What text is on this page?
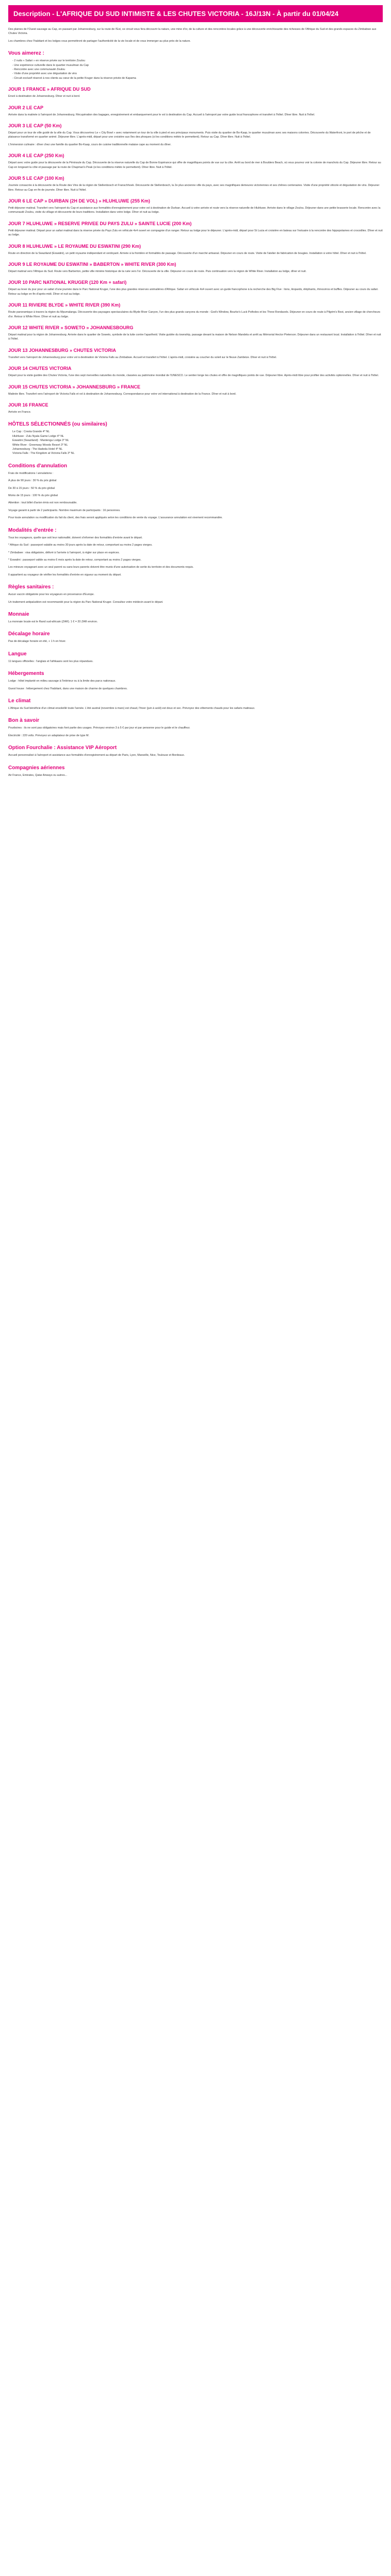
Description - L'AFRIQUE DU SUD INTIMISTE & LES CHUTES VICTORIA - 16J/13N - À partir du 01/04/24

Des plaines de l'Ouest sauvage au Cap, en passant par Johannesburg, sur la route de l'Est, ce circuit vous fera découvrir la nature, une mine d'or, de la culture et des rencontres locales grâce à une découverte enrichissante des richesses de l'Afrique du Sud et des grands espaces du Zimbabwe aux Chutes Victoria.

Les chambres chez l'habitant et les lodges vous permettront de partager l'authenticité de la vie locale et de vous immerger au plus près de la nature.

Vous aimerez :
- 2 nuits « Safari » en réserve privée sur le territoire Zoulou
- Une expérience culturelle dans le quartier musulman du Cap
- Rencontre avec une communauté Zoulou
- Visite d'une propriété avec une dégustation de vins
- Circuit exclusif réservé à nos clients au cœur de la petite Kruger dans la réserve privée de Kapama
JOUR 1 FRANCE » AFRIQUE DU SUD

Envol à destination de Johannesburg. Dîner et nuit à bord.

JOUR 2 LE CAP

Arrivée dans la matinée à l'aéroport de Johannesburg. Récupération des bagages, enregistrement et embarquement pour le vol à destination du Cap. Accueil à l'aéroport par votre guide local francophone et transfert à l'hôtel. Dîner libre. Nuit à l'hôtel.

JOUR 3 LE CAP (50 Km)

Départ pour un tour de ville guidé de la ville du Cap. Vous découvrirez Le « City Bowl » avec notamment un tour de la ville à pied et ses principaux monuments. Puis visite du quartier de Bo-Kaap, le quartier musulman avec ses maisons colorées. Découverte du Waterfront, le port de pêche et de plaisance transformé en quartier animé. Déjeuner libre. L'après-midi, départ pour une croisière aux îles des phoques (si les conditions météo le permettent). Retour au Cap. Dîner libre. Nuit à l'hôtel.

L'Immersion culinaire : dîner chez une famille du quartier Bo-Kaap, cours de cuisine traditionnelle malaise cape au moment du dîner.

JOUR 4 LE CAP (250 Km)

Départ avec votre guide pour la découverte de la Péninsule du Cap. Découverte de la réserve naturelle du Cap de Bonne Espérance qui offre de magnifiques points de vue sur la côte. Arrêt au bord de mer à Boulders Beach, où vous pourrez voir la colonie de manchots du Cap. Déjeuner libre. Retour au Cap en longeant la côte et passage par la route de Chapman's Peak (si les conditions météo le permettent). Dîner libre. Nuit à l'hôtel.

JOUR 5 LE CAP (100 Km)

Journée consacrée à la découverte de la Route des Vins de la région de Stellenbosch et Franschhoek. Découverte de Stellenbosch, la 2e plus ancienne ville du pays, avec ses magnifiques demeures victoriennes et ses chênes centenaires. Visite d'une propriété viticole et dégustation de vins. Déjeuner libre. Retour au Cap en fin de journée. Dîner libre. Nuit à l'hôtel.

JOUR 6 LE CAP » DURBAN (2H DE VOL) » HLUHLUWE (255 Km)

Petit déjeuner matinal. Transfert vers l'aéroport du Cap et assistance aux formalités d'enregistrement pour votre vol à destination de Durban. Accueil à votre arrivée et route vers la réserve naturelle de Hluhluwe. Arrivée dans le village Zoulou. Déjeuner dans une petite brasserie locale. Rencontre avec la communauté Zoulou, visite du village et découverte de leurs traditions. Installation dans votre lodge. Dîner et nuit au lodge.

JOUR 7 HLUHLUWE » RESERVE PRIVEE DU PAYS ZULU » SAINTE LUCIE (200 Km)

Petit déjeuner matinal. Départ pour un safari matinal dans la réserve privée du Pays Zulu en véhicule 4x4 ouvert en compagnie d'un ranger. Retour au lodge pour le déjeuner. L'après-midi, départ pour St Lucia et croisière en bateau sur l'estuaire à la rencontre des hippopotames et crocodiles. Dîner et nuit au lodge.

JOUR 8 HLUHLUWE » LE ROYAUME DU ESWATINI (290 Km)

Route en direction de la Swaziland (Eswatini), un petit royaume indépendant et verdoyant. Arrivée à la frontière et formalités de passage. Découverte d'un marché artisanal. Déjeuner en cours de route. Visite de l'atelier de fabrication de bougies. Installation à votre hôtel. Dîner et nuit à l'hôtel.

JOUR 9 LE ROYAUME DU ESWATINI » BABERTON » WHITE RIVER (300 Km)

Départ matinal vers l'Afrique du Sud. Route vers Barberton, petite ville minière historique de la ruée vers l'or. Découverte de la ville. Déjeuner en cours de route. Puis continuation vers la région de White River. Installation au lodge, dîner et nuit.

JOUR 10 PARC NATIONAL KRUGER (120 Km + safari)

Départ au lever du jour pour un safari d'une journée dans le Parc National Kruger, l'une des plus grandes réserves animalières d'Afrique. Safari en véhicule 4x4 ouvert avec un guide francophone à la recherche des Big Five : lions, léopards, éléphants, rhinocéros et buffles. Déjeuner au cours du safari. Retour au lodge en fin d'après-midi. Dîner et nuit au lodge.

JOUR 11 RIVIERE BLYDE » WHITE RIVER (390 Km)

Route panoramique à travers la région du Mpumalanga. Découverte des paysages spectaculaires du Blyde River Canyon, l'un des plus grands canyons du monde : God's Window, Bourke's Luck Potholes et les Three Rondavels. Déjeuner en cours de route à Pilgrim's Rest, ancien village de chercheurs d'or. Retour à White River. Dîner et nuit au lodge.

JOUR 12 WHITE RIVER » SOWETO » JOHANNESBOURG

Départ matinal pour la région de Johannesburg. Arrivée dans le quartier de Soweto, symbole de la lutte contre l'apartheid. Visite guidée du township, passage devant la maison de Nelson Mandela et arrêt au Mémorial Hector Pieterson. Déjeuner dans un restaurant local. Installation à l'hôtel. Dîner et nuit à l'hôtel.

JOUR 13 JOHANNESBURG » CHUTES VICTORIA

Transfert vers l'aéroport de Johannesburg pour votre vol à destination de Victoria Falls au Zimbabwe. Accueil et transfert à l'hôtel. L'après-midi, croisière au coucher du soleil sur le fleuve Zambèze. Dîner et nuit à l'hôtel.

JOUR 14 CHUTES VICTORIA

Départ pour la visite guidée des Chutes Victoria, l'une des sept merveilles naturelles du monde, classées au patrimoine mondial de l'UNESCO. Le sentier longe les chutes et offre de magnifiques points de vue. Déjeuner libre. Après-midi libre pour profiter des activités optionnelles. Dîner et nuit à l'hôtel.

JOUR 15 CHUTES VICTORIA » JOHANNESBURG » FRANCE

Matinée libre. Transfert vers l'aéroport de Victoria Falls et vol à destination de Johannesburg. Correspondance pour votre vol international à destination de la France. Dîner et nuit à bord.

JOUR 16 FRANCE

Arrivée en France.

HÔTELS SÉLECTIONNÉS (ou similaires)
Le Cap : Cresta Grande 4* NL
Hluhluwe : Zulu Nyala Game Lodge 4* NL
Eswatini (Swaziland) : Mantenga Lodge 3* NL
White River : Greenway Woods Resort 3* NL
Johannesburg : The Hadeda Hotel 4* NL
Victoria Falls : The Kingdom at Victoria Falls 3* NL
Conditions d'annulation

Frais de modifications / annulations :

À plus de 90 jours : 30 % du prix global

De 30 à 15 jours : 50 % du prix global

Moins de 15 jours : 100 % du prix global

Attention : tout billet d'avion émis est non remboursable.

Voyage garanti à partir de 2 participants. Nombre maximum de participants : 16 personnes.

Pour toute annulation ou modification du fait du client, des frais seront appliqués selon les conditions de vente du voyage. L'assurance annulation est vivement recommandée.

Modalités d'entrée :

Tous les voyageurs, quelle que soit leur nationalité, doivent s'informer des formalités d'entrée avant le départ.

* Afrique du Sud : passeport valable au moins 30 jours après la date de retour, comportant au moins 2 pages vierges.

* Zimbabwe : visa obligatoire, délivré à l'arrivée à l'aéroport, à régler sur place en espèces.

* Eswatini : passeport valide au moins 6 mois après la date de retour, comportant au moins 2 pages vierges.

Les mineurs voyageant avec un seul parent ou sans leurs parents doivent être munis d'une autorisation de sortie du territoire et des documents requis.

Il appartient au voyageur de vérifier les formalités d'entrée en vigueur au moment du départ.

Règles sanitaires :

Aucun vaccin obligatoire pour les voyageurs en provenance d'Europe.

Un traitement antipaludéen est recommandé pour la région du Parc National Kruger. Consultez votre médecin avant le départ.

Monnaie

La monnaie locale est le Rand sud-africain (ZAR). 1 € = 20 ZAR environ.

Décalage horaire

Pas de décalage horaire en été, + 1 h en hiver.

Langue

11 langues officielles : l'anglais et l'afrikaans sont les plus répandues.

Hébergements

Lodge : hôtel implanté en milieu sauvage à l'intérieur ou à la limite des parcs nationaux.

Guest house : hébergement chez l'habitant, dans une maison de charme de quelques chambres.

Le climat

L'Afrique du Sud bénéficie d'un climat ensoleillé toute l'année. L'été austral (novembre à mars) est chaud, l'hiver (juin à août) est doux et sec. Prévoyez des vêtements chauds pour les safaris matinaux.

Bon à savoir

Pourboires : ils ne sont pas obligatoires mais font partie des usages. Prévoyez environ 3 à 5 € par jour et par personne pour le guide et le chauffeur.

Électricité : 220 volts. Prévoyez un adaptateur de prise de type M.

Option Fourchalie : Assistance VIP Aéroport

Accueil personnalisé à l'aéroport et assistance aux formalités d'enregistrement au départ de Paris, Lyon, Marseille, Nice, Toulouse et Bordeaux.

Compagnies aériennes

Air France, Emirates, Qatar Airways ou autres...
